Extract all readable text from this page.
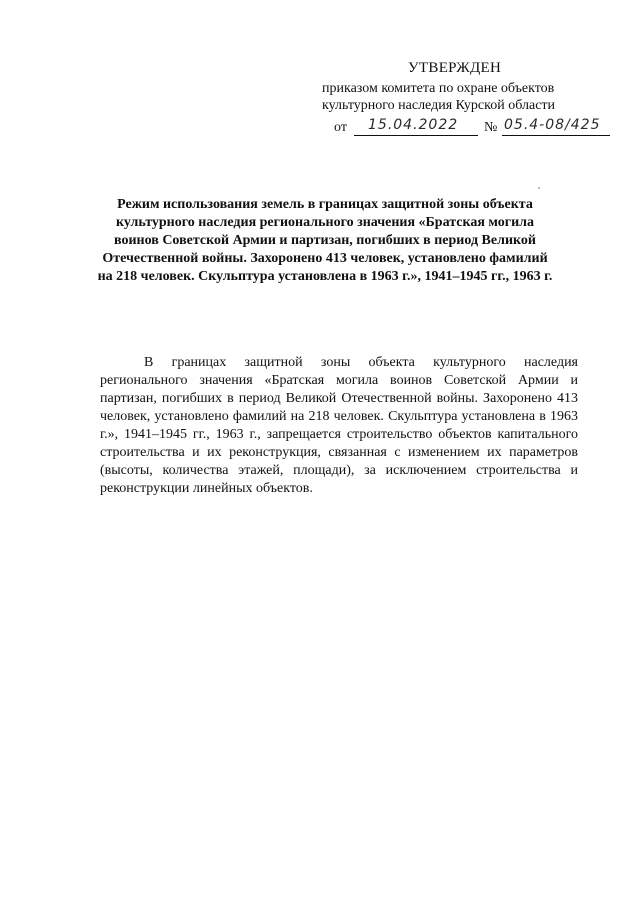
УТВЕРЖДЕН
приказом комитета по охране объектов
культурного наследия Курской области
от 15.04.2022 № 05.4-08/425
Режим использования земель в границах защитной зоны объекта культурного наследия регионального значения «Братская могила воинов Советской Армии и партизан, погибших в период Великой Отечественной войны. Захоронено 413 человек, установлено фамилий на 218 человек. Скульптура установлена в 1963 г.», 1941–1945 гг., 1963 г.
В границах защитной зоны объекта культурного наследия регионального значения «Братская могила воинов Советской Армии и партизан, погибших в период Великой Отечественной войны. Захоронено 413 человек, установлено фамилий на 218 человек. Скульптура установлена в 1963 г.», 1941–1945 гг., 1963 г., запрещается строительство объектов капитального строительства и их реконструкция, связанная с изменением их параметров (высоты, количества этажей, площади), за исключением строительства и реконструкции линейных объектов.
